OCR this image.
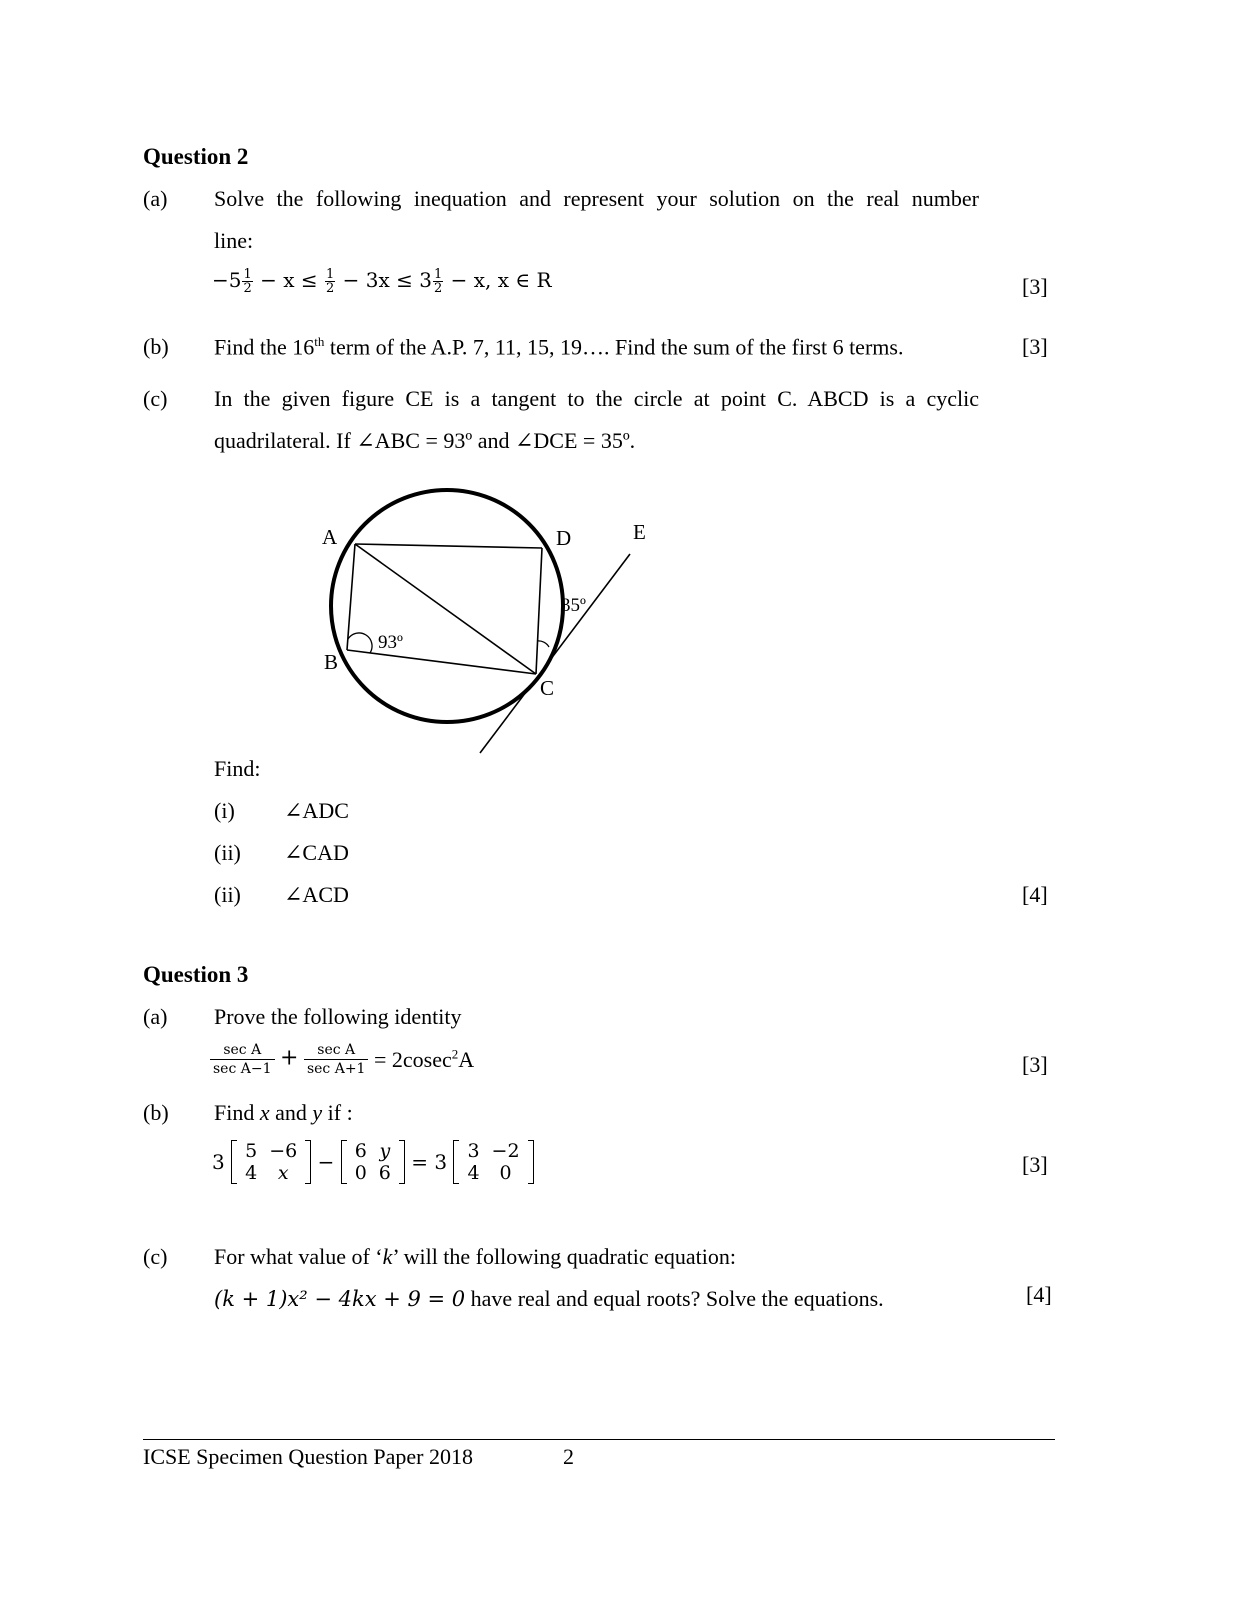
Question 2
(a) Solve the following inequation and represent your solution on the real number
line:
$-5 \frac{1}{2} - x \le \frac{1}{2} - 3x \le 3 \frac{1}{2} - x$, x ∈ R	[3]
(b) Find the 16th term of the A.P. 7, 11, 15, 19…. Find the sum of the first 6 terms.	[3]
(c) In the given figure CE is a tangent to the circle at point C. ABCD is a cyclic
quadrilateral. If ∠ABC = 93º and ∠DCE = 35º.
A
B
C
D	E
93º
35º
Find:
(i) ∠ADC
(ii) ∠CAD
(ii) ∠ACD	[4]
Question 3
(a) Prove the following identity
$\frac{\text{sec A}}{\text{sec A−1}} + \frac{\text{sec A}}{\text{sec A+1}} = 2cosec^2A$	[3]
(b) Find x and y if :
3 5	−6
4	x − 6	y
0	6 = 3 3	−2
4	0	[3]
(c) For what value of ‘k’ will the following quadratic equation:
(k + 1)x² − 4kx + 9 = 0 have real and equal roots? Solve the equations.	[4]
ICSE Specimen Question Paper 2018	2
